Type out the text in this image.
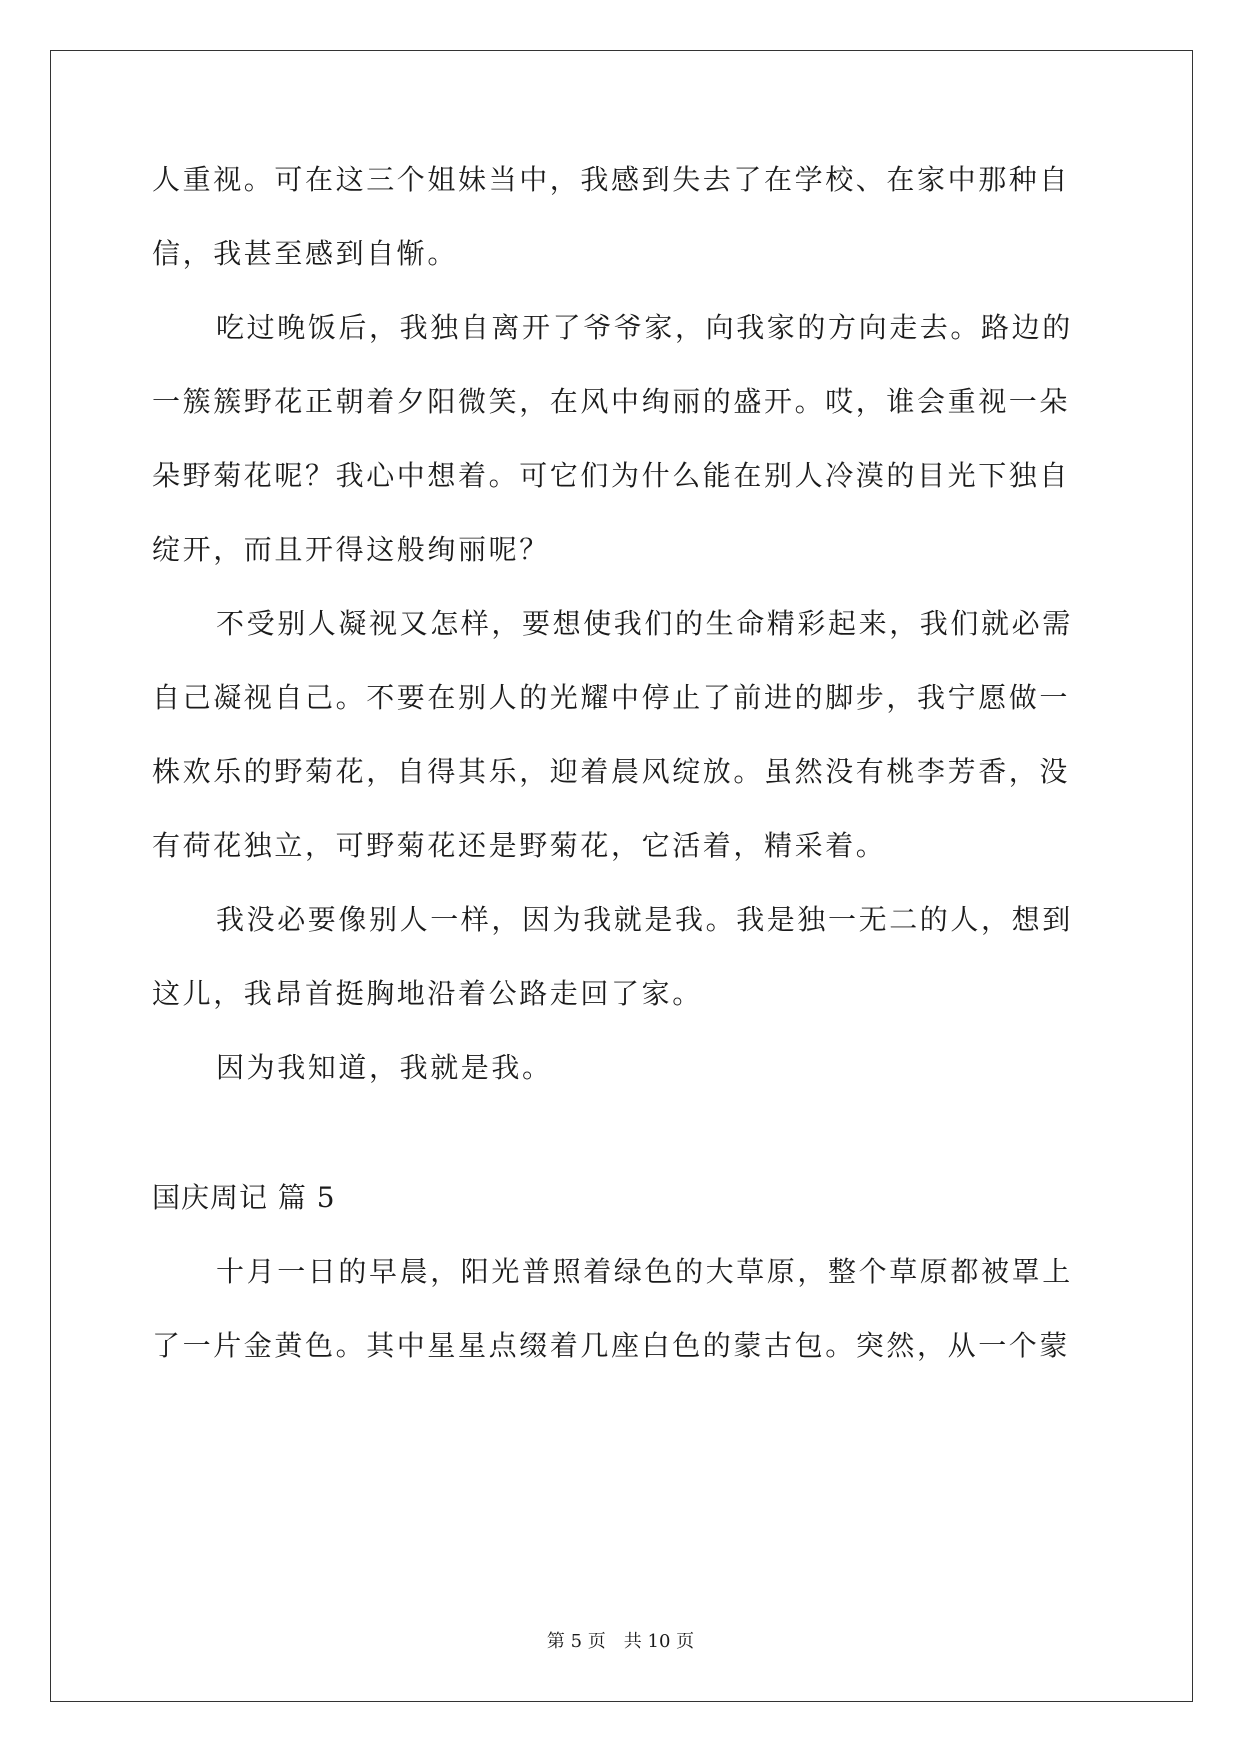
人重视。可在这三个姐妹当中，我感到失去了在学校、在家中那种自
信，我甚至感到自惭。
吃过晚饭后，我独自离开了爷爷家，向我家的方向走去。路边的
一簇簇野花正朝着夕阳微笑，在风中绚丽的盛开。哎，谁会重视一朵
朵野菊花呢？我心中想着。可它们为什么能在别人冷漠的目光下独自
绽开，而且开得这般绚丽呢？
不受别人凝视又怎样，要想使我们的生命精彩起来，我们就必需
自己凝视自己。不要在别人的光耀中停止了前进的脚步，我宁愿做一
株欢乐的野菊花，自得其乐，迎着晨风绽放。虽然没有桃李芳香，没
有荷花独立，可野菊花还是野菊花，它活着，精采着。
我没必要像别人一样，因为我就是我。我是独一无二的人，想到
这儿，我昂首挺胸地沿着公路走回了家。
因为我知道，我就是我。
国庆周记 篇 5
十月一日的早晨，阳光普照着绿色的大草原，整个草原都被罩上
了一片金黄色。其中星星点缀着几座白色的蒙古包。突然，从一个蒙
第 5 页　共 10 页
